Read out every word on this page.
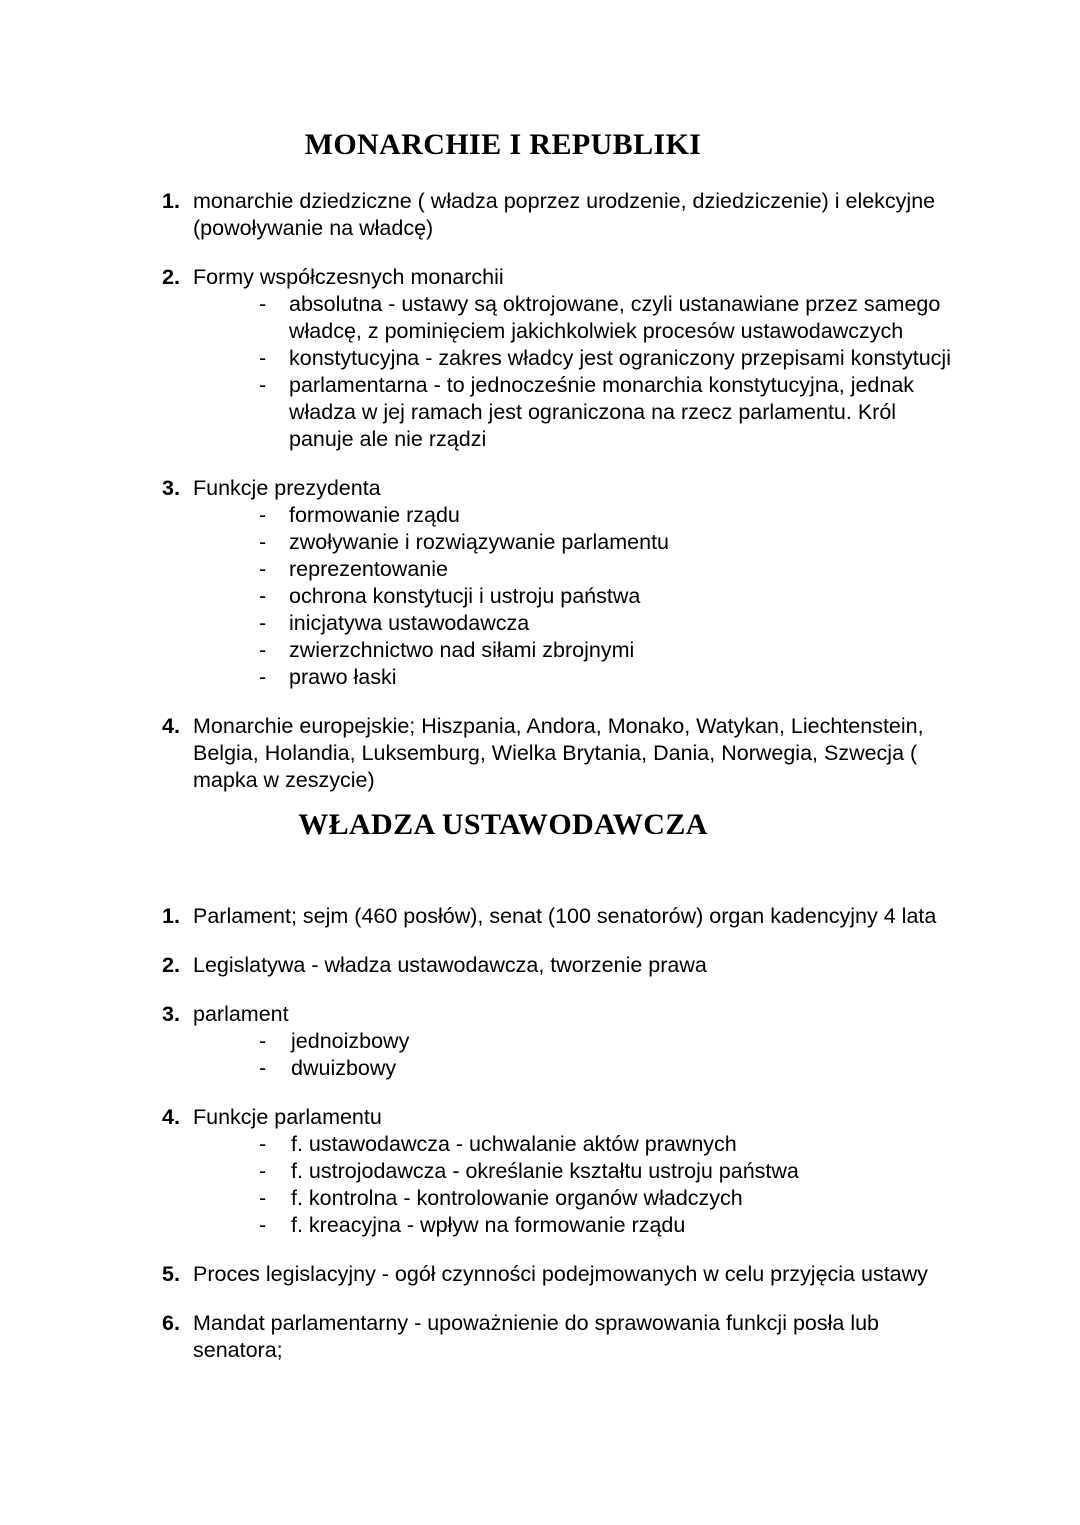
MONARCHIE I REPUBLIKI
1. monarchie dziedziczne ( władza poprzez urodzenie, dziedziczenie) i elekcyjne (powoływanie na władcę)
2. Formy współczesnych monarchii
- absolutna - ustawy są oktrojowane, czyli ustanawiane przez samego władcę, z pominięciem jakichkolwiek procesów ustawodawczych
- konstytucyjna - zakres władcy jest ograniczony przepisami konstytucji
- parlamentarna - to jednocześnie monarchia konstytucyjna, jednak władza w jej ramach jest ograniczona na rzecz parlamentu. Król panuje ale nie rządzi
3. Funkcje prezydenta
- formowanie rządu
- zwoływanie i rozwiązywanie parlamentu
- reprezentowanie
- ochrona konstytucji i ustroju państwa
- inicjatywa ustawodawcza
- zwierzchnictwo nad siłami zbrojnymi
- prawo łaski
4. Monarchie europejskie; Hiszpania, Andora, Monako, Watykan, Liechtenstein, Belgia, Holandia, Luksemburg, Wielka Brytania, Dania, Norwegia, Szwecja ( mapka w zeszycie)
WŁADZA USTAWODAWCZA
1. Parlament; sejm (460 posłów), senat (100 senatorów) organ kadencyjny 4 lata
2. Legislatywa - władza ustawodawcza, tworzenie prawa
3. parlament
- jednoizbowy
- dwuizbowy
4. Funkcje parlamentu
- f. ustawodawcza - uchwalanie aktów prawnych
- f. ustrojodawcza - określanie kształtu ustroju państwa
- f. kontrolna - kontrolowanie organów władczych
- f. kreacyjna - wpływ na formowanie rządu
5. Proces legislacyjny - ogół czynności podejmowanych w celu przyjęcia ustawy
6. Mandat parlamentarny - upoważnienie do sprawowania funkcji posła lub senatora;
